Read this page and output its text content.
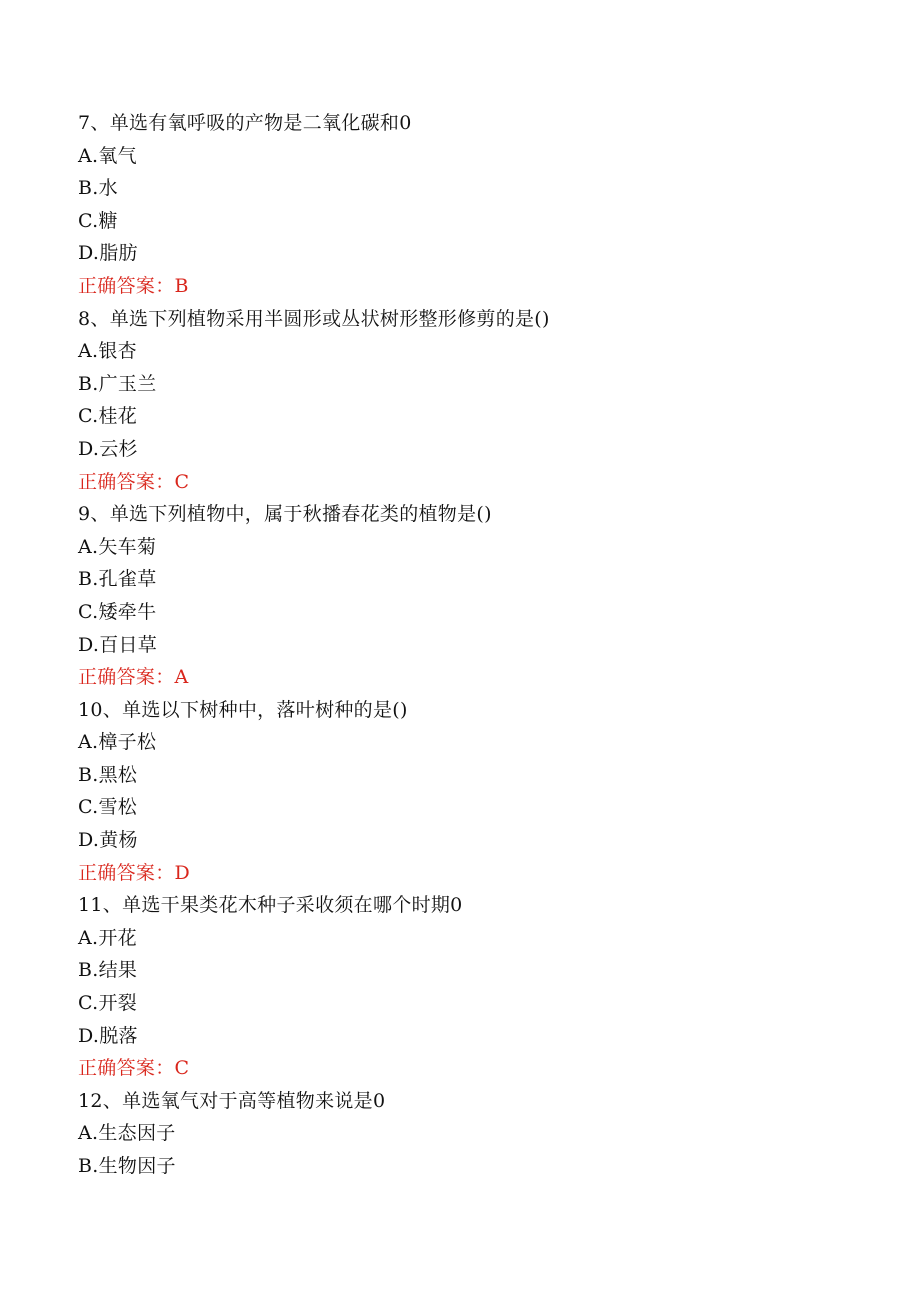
7、单选有氧呼吸的产物是二氧化碳和0
A.氧气
B.水
C.糖
D.脂肪
正确答案：B
8、单选下列植物采用半圆形或丛状树形整形修剪的是()
A.银杏
B.广玉兰
C.桂花
D.云杉
正确答案：C
9、单选下列植物中，属于秋播春花类的植物是()
A.矢车菊
B.孔雀草
C.矮牵牛
D.百日草
正确答案：A
10、单选以下树种中，落叶树种的是()
A.樟子松
B.黑松
C.雪松
D.黄杨
正确答案：D
11、单选干果类花木种子采收须在哪个时期0
A.开花
B.结果
C.开裂
D.脱落
正确答案：C
12、单选氧气对于高等植物来说是0
A.生态因子
B.生物因子
